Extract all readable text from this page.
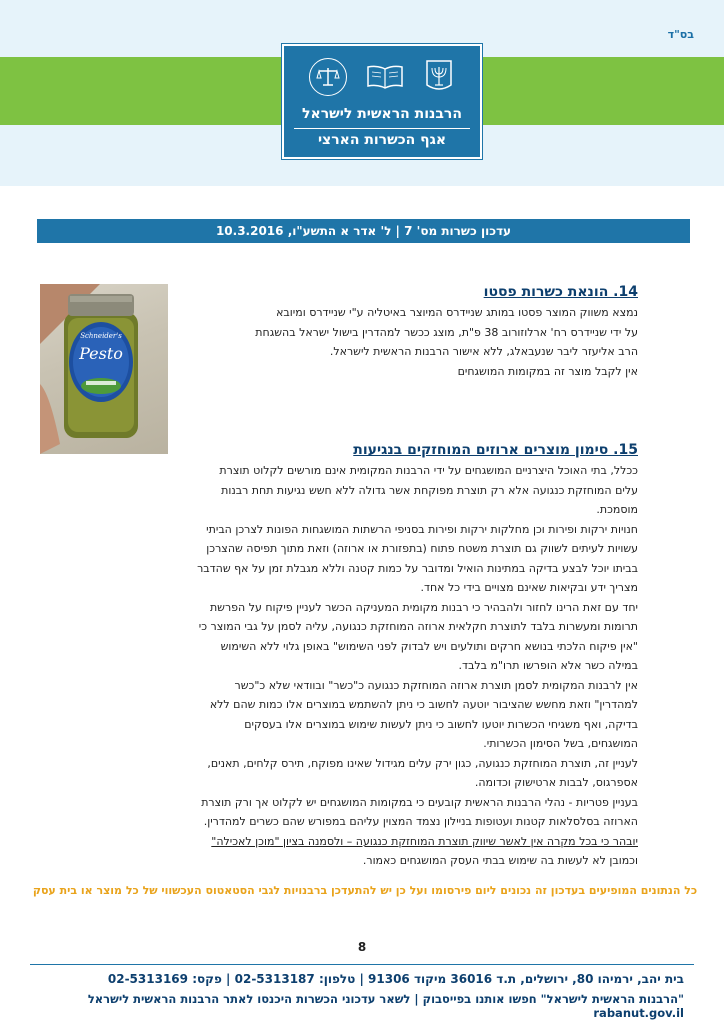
בס"ד
הרבנות הראשית לישראל
אגף הכשרות הארצי
עדכון כשרות מס' 7 | ל' אדר א התשע"ו, 10.3.2016
Schneider's
Pesto
14. הונאת כשרות פסטו
נמצא משווק המוצר פסטו במותג שניידרס המיוצר באיטליה ע"י שניידרס ומיובא
על ידי שניידרס רח' ארלוזורוב 38 פ"ת, מוצג ככשר למהדרין בישול ישראל בהשגחת
הרב אליעזר ליבר שנעבאלג, ללא אישור הרבנות הראשית לישראל.
אין לקבל מוצר זה במקומות המושגחים
15. סימון מוצרים ארוזים המוחזקים בנגיעות
ככלל, בתי האוכל היצרניים המושגחים על ידי הרבנות המקומית אינם מורשים לקלוט תוצרת
עלים המוחזקת כנגועה אלא רק תוצרת מפוקחת אשר גדולה ללא חשש נגיעות תחת רבנות
מוסמכת.
חנויות ירקות ופירות וכן מחלקות ירקות ופירות בסניפי הרשתות המושגחות הפונות לצרכן הביתי
עשויות לעיתים לשווק גם תוצרת משטח פתוח (בתפזורת או ארוזה) וזאת מתוך תפיסה שהצרכן
בביתו יוכל לבצע בדיקה במתינות הואיל ומדובר על כמות קטנה וללא מגבלת זמן על אף שהדבר
מצריך ידע ובקיאות שאינם מצויים בידי כל אחד.
יחד עם זאת הרינו לחזור ולהבהיר כי רבנות מקומית המעניקה הכשר לעניין פיקוח על הפרשת
תרומות ומעשרות בלבד לתוצרת חקלאית ארוזה המוחזקת כנגועה, עליה לסמן על גבי המוצר כי
"אין פיקוח הלכתי בנושא חרקים ותולעים ויש לבדוק לפני השימוש" באופן גלוי ללא השימוש
במילה כשר אלא הופרשו תרו"מ בלבד.
אין לרבנות המקומית לסמן תוצרת ארוזה המוחזקת כנגועה כ"כשר" ובוודאי שלא כ"כשר
למהדרין" וזאת מחשש שהציבור יוטעה לחשוב כי ניתן להשתמש במוצרים אלו כמות שהם ללא
בדיקה, ואף משגיחי הכשרות יוטעו לחשוב כי ניתן לעשות שימוש במוצרים אלו בעסקים
המושגחים, בשל הסימון הכשרותי.
לעניין זה, תוצרת המוחזקת כנגועה, כגון ירק עלים מגידול שאינו מפוקח, תירס קלחים, תאנים,
אספרגוס, לבבות ארטישוק וכדומה.
בעניין פטריות - נהלי הרבנות הראשית קובעים כי במקומות המושגחים יש לקלוט אך ורק תוצרת
הארוזה בסלסלאות קטנות ועטופות בניילון נצמד המצוין עליהם במפורש שהם כשרים למהדרין.
יובהר כי בכל מקרה אין לאשר שיווק תוצרת המוחזקת כנגועה – ולסמנה בציון "מוכן לאכילה"
וכמובן לא לעשות בה שימוש בבתי העסק המושגחים כאמור.
כל הנתונים המופיעים בעדכון זה נכונים ליום פירסומו ועל כן יש להתעדכן ברבנויות לגבי הסטאטוס העכשווי של כל מוצר או בית עסק
8
בית יהב, ירמיהו 80, ירושלים, ת.ד 36016 מיקוד 91306 | טלפון: 02-5313187 | פקס: 02-5313169
"הרבנות הראשית לישראל" חפשו אותנו בפייסבוק | לשאר עדכוני הכשרות היכנסו לאתר הרבנות הראשית לישראל rabanut.gov.il
